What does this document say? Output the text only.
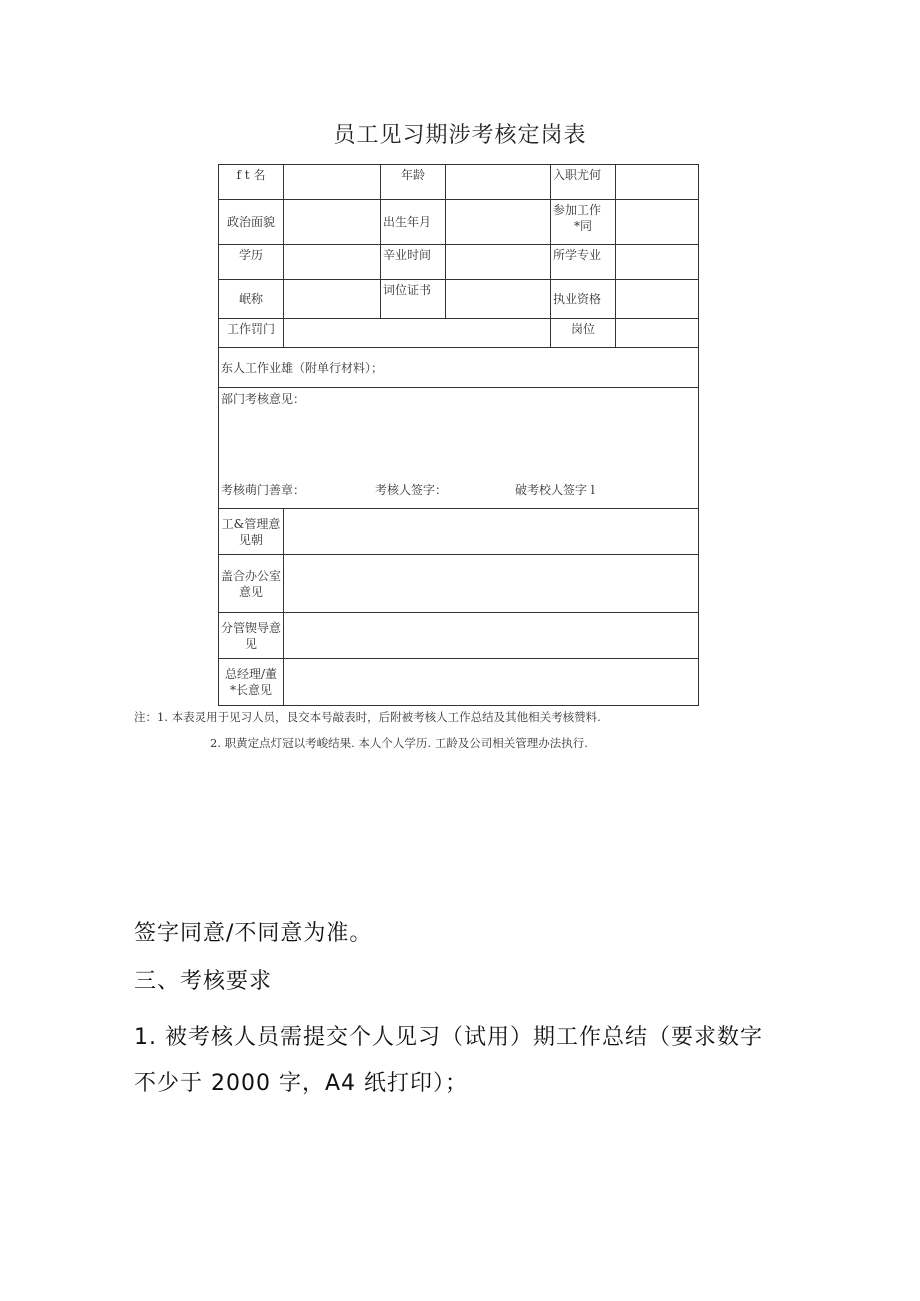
员工见习期涉考核定岗表
f t 名		年龄		入职尤何	
政治面貌		出生年月		参加工作
*同	

学历		辛业时间		所学专业	
岷称		词位证书		执业资格	
工作罚门				岗位	
东人工作业雄（附单行材料）；					

部门考核意见：
考核萌门善章： 考核人签字： 破考校人签字 l					

工&管理意
见朝					

盖合办公室
意见					

分管锲导意
见					

总经理/董
*长意见					

注：1. 本表灵用于见习人员，艮交本号敲表时，后附被考核人工作总结及其他相关考核赞料.
2. 职黄定点灯冠以考峻结果. 本人个人学历. 工龄及公司相关管理办法执行.
签字同意/不同意为准。
三、考核要求
1. 被考核人员需提交个人见习（试用）期工作总结（要求数字
不少于 2000 字，A4 纸打印）；
